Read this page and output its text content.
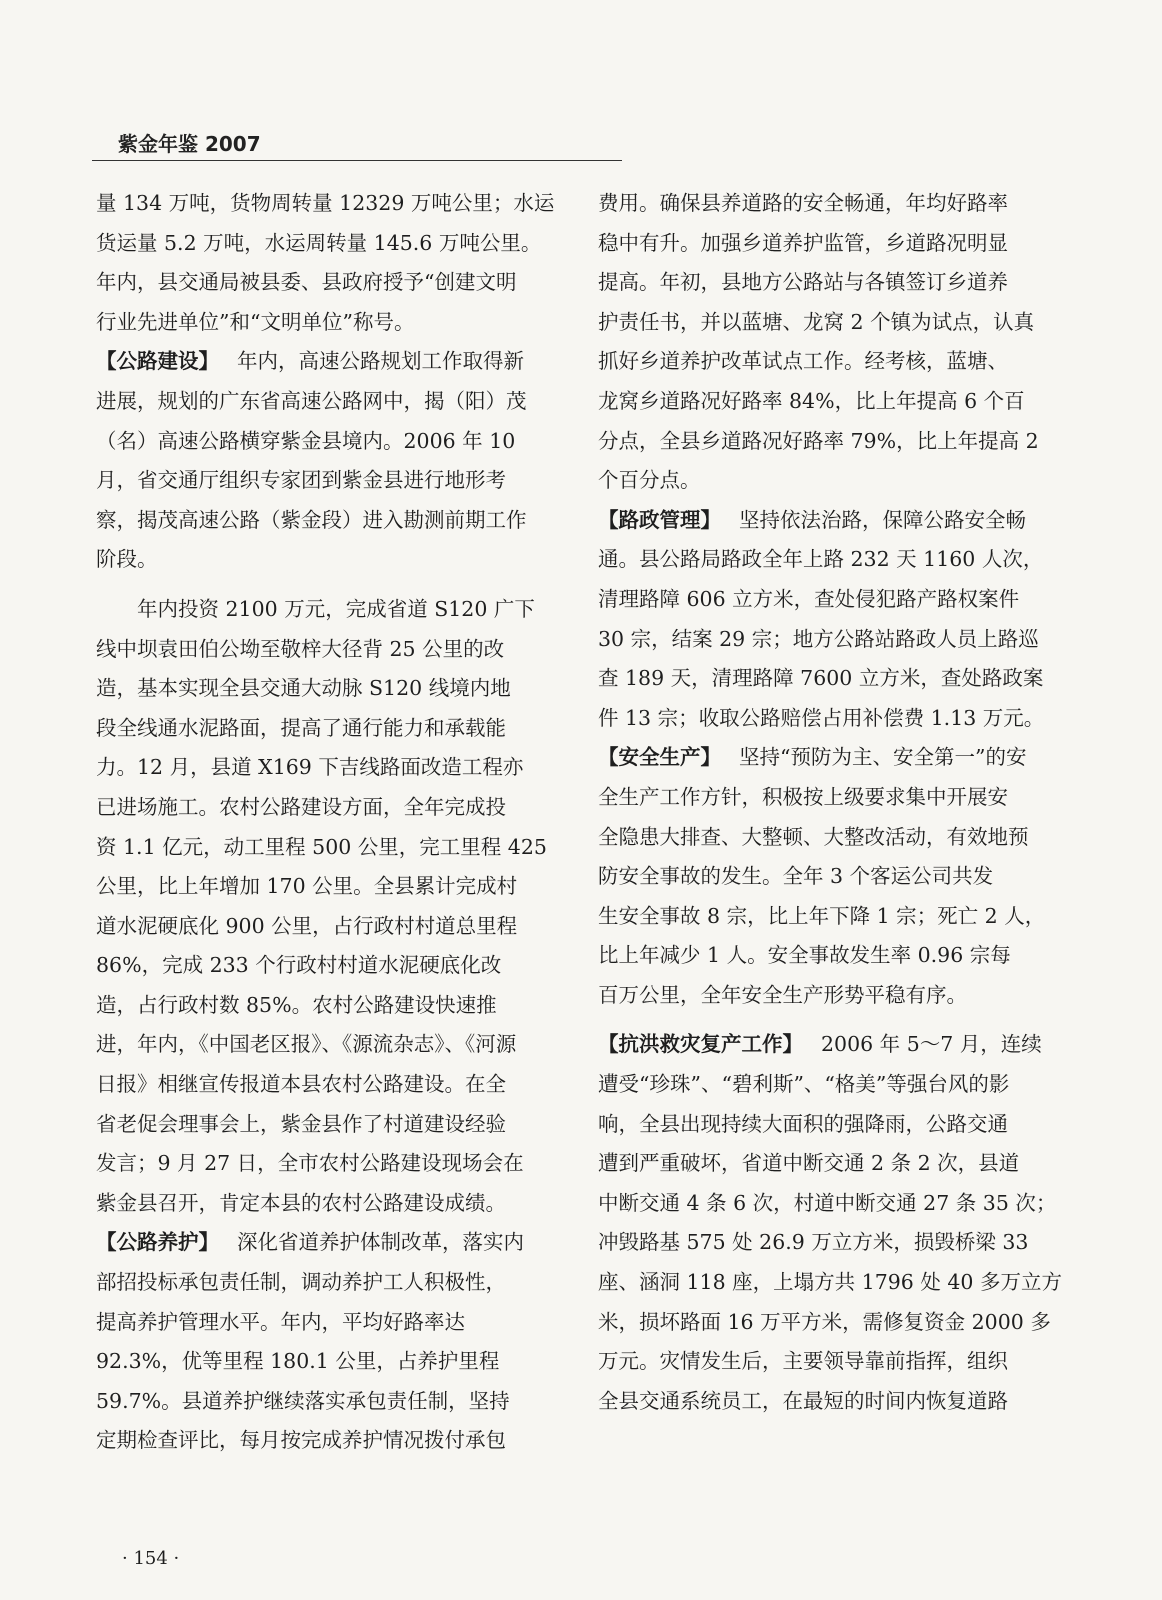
紫金年鉴 2007
量 134 万吨，货物周转量 12329 万吨公里；水运
货运量 5.2 万吨，水运周转量 145.6 万吨公里。
年内，县交通局被县委、县政府授予“创建文明
行业先进单位”和“文明单位”称号。
【公路建设】 年内，高速公路规划工作取得新
进展，规划的广东省高速公路网中，揭（阳）茂
（名）高速公路横穿紫金县境内。2006 年 10
月，省交通厅组织专家团到紫金县进行地形考
察，揭茂高速公路（紫金段）进入勘测前期工作
阶段。
年内投资 2100 万元，完成省道 S120 广下
线中坝袁田伯公坳至敬梓大径背 25 公里的改
造，基本实现全县交通大动脉 S120 线境内地
段全线通水泥路面，提高了通行能力和承载能
力。12 月，县道 X169 下吉线路面改造工程亦
已进场施工。农村公路建设方面，全年完成投
资 1.1 亿元，动工里程 500 公里，完工里程 425
公里，比上年增加 170 公里。全县累计完成村
道水泥硬底化 900 公里，占行政村村道总里程
86%，完成 233 个行政村村道水泥硬底化改
造，占行政村数 85%。农村公路建设快速推
进，年内，《中国老区报》、《源流杂志》、《河源
日报》相继宣传报道本县农村公路建设。在全
省老促会理事会上，紫金县作了村道建设经验
发言；9 月 27 日，全市农村公路建设现场会在
紫金县召开，肯定本县的农村公路建设成绩。
【公路养护】 深化省道养护体制改革，落实内
部招投标承包责任制，调动养护工人积极性，
提高养护管理水平。年内，平均好路率达
92.3%，优等里程 180.1 公里，占养护里程
59.7%。县道养护继续落实承包责任制，坚持
定期检查评比，每月按完成养护情况拨付承包
费用。确保县养道路的安全畅通，年均好路率
稳中有升。加强乡道养护监管，乡道路况明显
提高。年初，县地方公路站与各镇签订乡道养
护责任书，并以蓝塘、龙窝 2 个镇为试点，认真
抓好乡道养护改革试点工作。经考核，蓝塘、
龙窝乡道路况好路率 84%，比上年提高 6 个百
分点，全县乡道路况好路率 79%，比上年提高 2
个百分点。
【路政管理】 坚持依法治路，保障公路安全畅
通。县公路局路政全年上路 232 天 1160 人次，
清理路障 606 立方米，查处侵犯路产路权案件
30 宗，结案 29 宗；地方公路站路政人员上路巡
查 189 天，清理路障 7600 立方米，查处路政案
件 13 宗；收取公路赔偿占用补偿费 1.13 万元。
【安全生产】 坚持“预防为主、安全第一”的安
全生产工作方针，积极按上级要求集中开展安
全隐患大排查、大整顿、大整改活动，有效地预
防安全事故的发生。全年 3 个客运公司共发
生安全事故 8 宗，比上年下降 1 宗；死亡 2 人，
比上年减少 1 人。安全事故发生率 0.96 宗每
百万公里，全年安全生产形势平稳有序。
【抗洪救灾复产工作】 2006 年 5～7 月，连续
遭受“珍珠”、“碧利斯”、“格美”等强台风的影
响，全县出现持续大面积的强降雨，公路交通
遭到严重破坏，省道中断交通 2 条 2 次，县道
中断交通 4 条 6 次，村道中断交通 27 条 35 次；
冲毁路基 575 处 26.9 万立方米，损毁桥梁 33
座、涵洞 118 座，上塌方共 1796 处 40 多万立方
米，损坏路面 16 万平方米，需修复资金 2000 多
万元。灾情发生后，主要领导靠前指挥，组织
全县交通系统员工，在最短的时间内恢复道路
· 154 ·
